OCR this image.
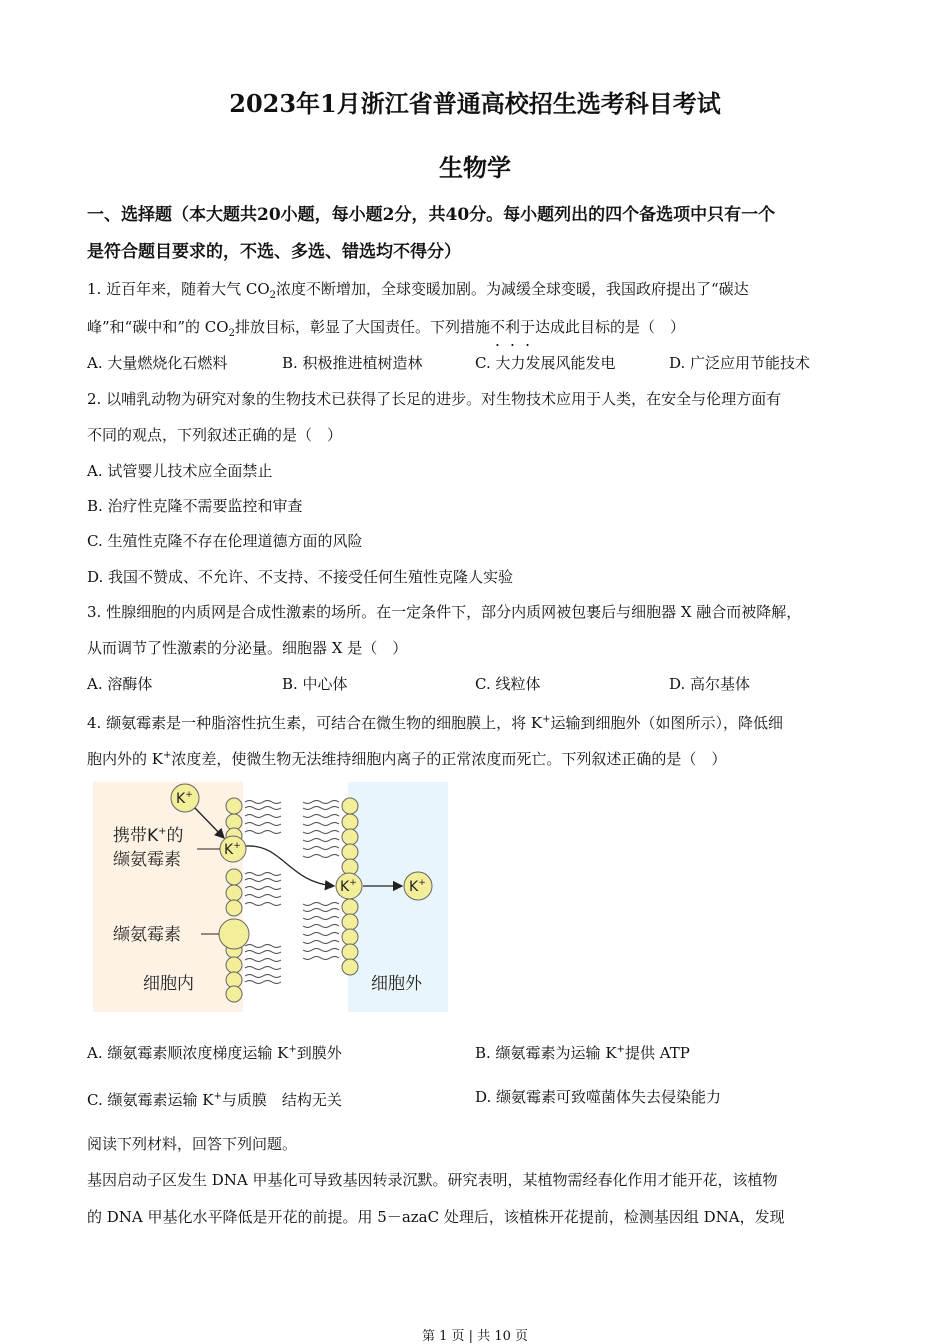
2023年1月浙江省普通高校招生选考科目考试
生物学
一、选择题（本大题共20小题，每小题2分，共40分。每小题列出的四个备选项中只有一个
是符合题目要求的，不选、多选、错选均不得分）
1. 近百年来，随着大气 $CO_2$浓度不断增加，全球变暖加剧。为减缓全球变暖，我国政府提出了“碳达
峰”和“碳中和”的 $CO_2$排放目标，彰显了大国责任。下列措施不利于达成此目标的是（　）
A. 大量燃烧化石燃料	B. 积极推进植树造林	C. 大力发展风能发电	D. 广泛应用节能技术
2. 以哺乳动物为研究对象的生物技术已获得了长足的进步。对生物技术应用于人类，在安全与伦理方面有
不同的观点，下列叙述正确的是（　）
A. 试管婴儿技术应全面禁止
B. 治疗性克隆不需要监控和审查
C. 生殖性克隆不存在伦理道德方面的风险
D. 我国不赞成、不允许、不支持、不接受任何生殖性克隆人实验
3. 性腺细胞的内质网是合成性激素的场所。在一定条件下，部分内质网被包裹后与细胞器 X 融合而被降解，
从而调节了性激素的分泌量。细胞器 X 是（　）
A. 溶酶体	B. 中心体	C. 线粒体	D. 高尔基体
4. 缬氨霉素是一种脂溶性抗生素，可结合在微生物的细胞膜上，将 K+运输到细胞外（如图所示），降低细
胞内外的 K+浓度差，使微生物无法维持细胞内离子的正常浓度而死亡。下列叙述正确的是（　）
K+
K+
K+	K+
携带K+的
缬氨霉素
缬氨霉素
细胞内	细胞外
A. 缬氨霉素顺浓度梯度运输 K+到膜外	B. 缬氨霉素为运输 K+提供 ATP
C. 缬氨霉素运输 K+与质膜　结构无关	D. 缬氨霉素可致噬菌体失去侵染能力
阅读下列材料，回答下列问题。
基因启动子区发生 DNA 甲基化可导致基因转录沉默。研究表明，某植物需经春化作用才能开花，该植物
的 DNA 甲基化水平降低是开花的前提。用 5－azaC 处理后，该植株开花提前，检测基因组 DNA，发现
第 1 页 | 共 10 页
